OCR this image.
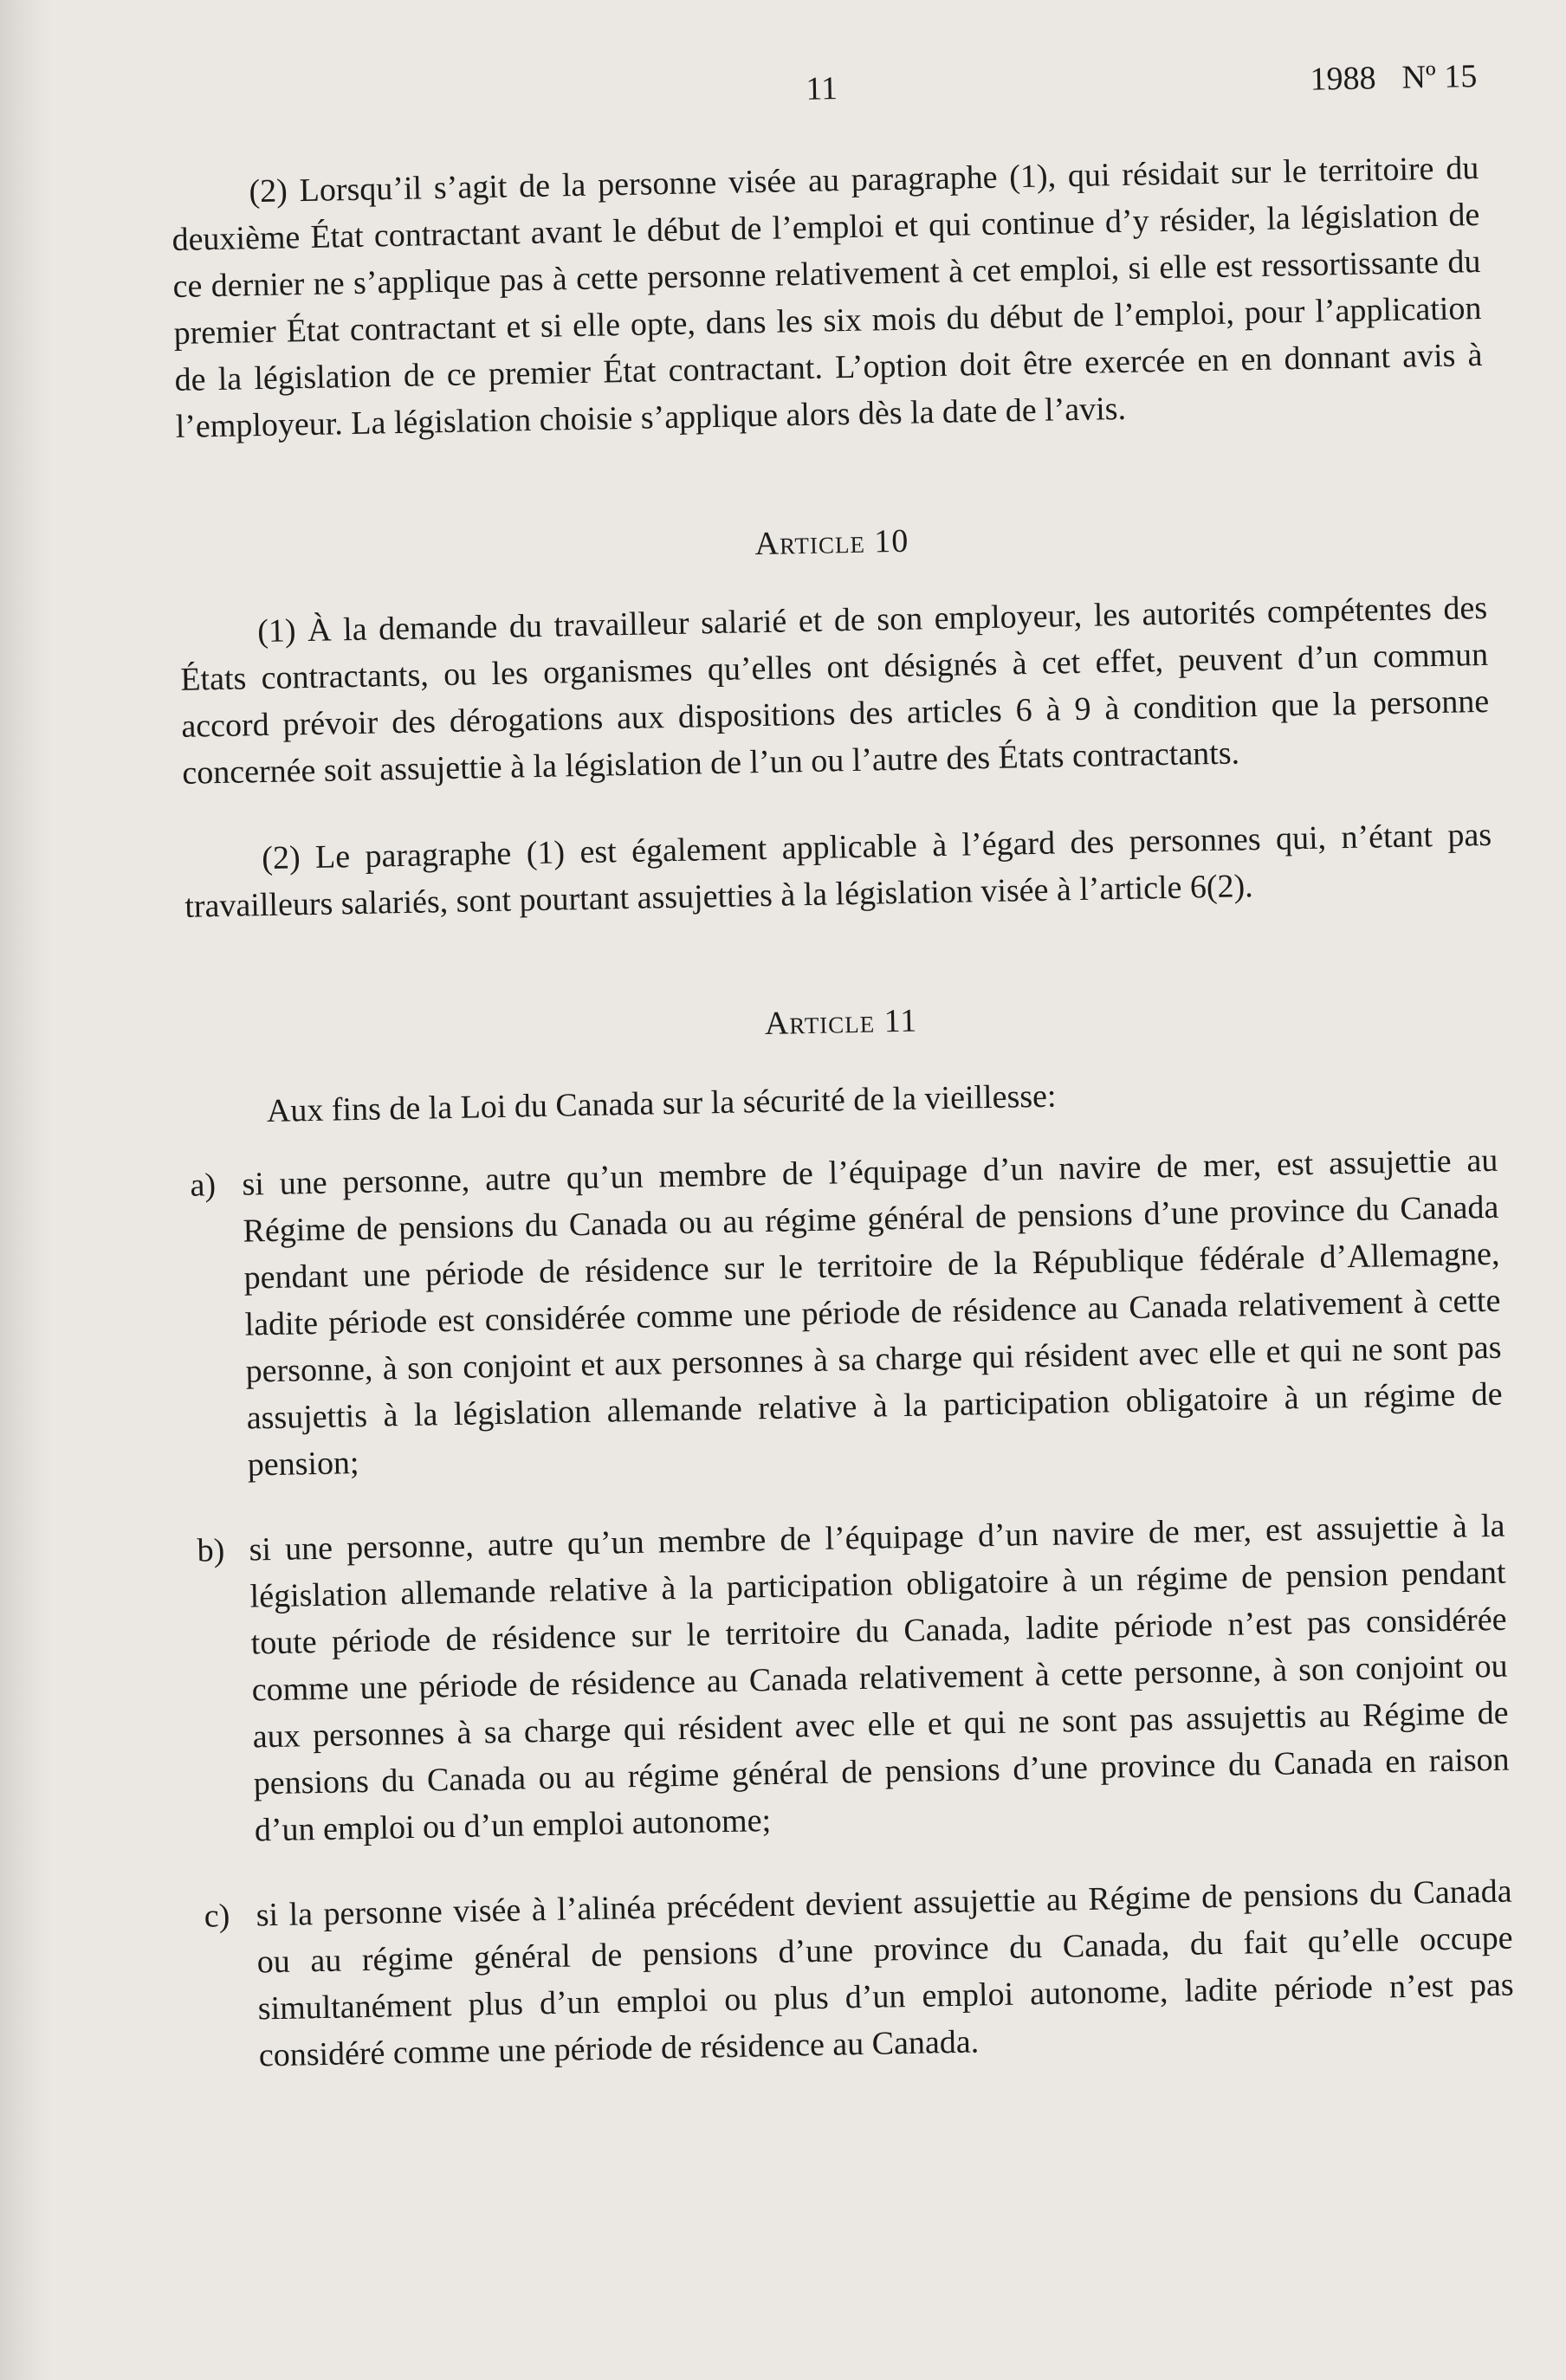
11	1988 Nº 15

(2) Lorsqu’il s’agit de la personne visée au paragraphe (1), qui résidait sur le territoire du deuxième État contractant avant le début de l’emploi et qui continue d’y résider, la législation de ce dernier ne s’applique pas à cette personne relativement à cet emploi, si elle est ressortissante du premier État contractant et si elle opte, dans les six mois du début de l’emploi, pour l’application de la législation de ce premier État contractant. L’option doit être exercée en en donnant avis à l’employeur. La législation choisie s’applique alors dès la date de l’avis.

Article 10

(1) À la demande du travailleur salarié et de son employeur, les autorités compétentes des États contractants, ou les organismes qu’elles ont désignés à cet effet, peuvent d’un commun accord prévoir des dérogations aux dispositions des articles 6 à 9 à condition que la personne concernée soit assujettie à la législation de l’un ou l’autre des États contractants.

(2) Le paragraphe (1) est également applicable à l’égard des personnes qui, n’étant pas travailleurs salariés, sont pourtant assujetties à la législation visée à l’article 6(2).

Article 11

Aux fins de la Loi du Canada sur la sécurité de la vieillesse:

a) si une personne, autre qu’un membre de l’équipage d’un navire de mer, est assujettie au Régime de pensions du Canada ou au régime général de pensions d’une province du Canada pendant une période de résidence sur le territoire de la République fédérale d’Allemagne, ladite période est considérée comme une période de résidence au Canada relativement à cette personne, à son conjoint et aux personnes à sa charge qui résident avec elle et qui ne sont pas assujettis à la législation allemande relative à la participation obligatoire à un régime de pension;
b) si une personne, autre qu’un membre de l’équipage d’un navire de mer, est assujettie à la législation allemande relative à la participation obligatoire à un régime de pension pendant toute période de résidence sur le territoire du Canada, ladite période n’est pas considérée comme une période de résidence au Canada relativement à cette personne, à son conjoint ou aux personnes à sa charge qui résident avec elle et qui ne sont pas assujettis au Régime de pensions du Canada ou au régime général de pensions d’une province du Canada en raison d’un emploi ou d’un emploi autonome;
c) si la personne visée à l’alinéa précédent devient assujettie au Régime de pensions du Canada ou au régime général de pensions d’une province du Canada, du fait qu’elle occupe simultanément plus d’un emploi ou plus d’un emploi autonome, ladite période n’est pas considéré comme une période de résidence au Canada.
